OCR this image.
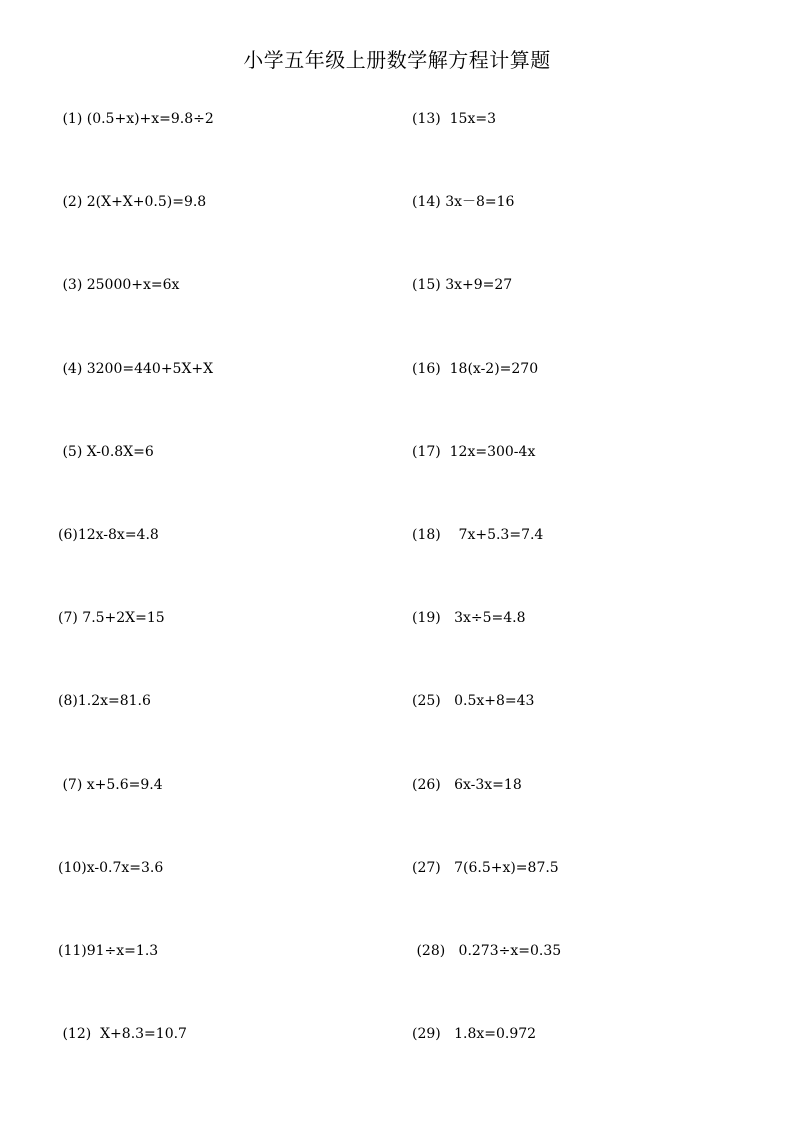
小学五年级上册数学解方程计算题
(1) (0.5+x)+x=9.8÷2
(2) 2(X+X+0.5)=9.8
(3) 25000+x=6x
(4) 3200=440+5X+X
(5) X-0.8X=6
(6)12x-8x=4.8
(7) 7.5+2X=15
(8)1.2x=81.6
(7) x+5.6=9.4
(10)x-0.7x=3.6
(11)91÷x=1.3
(12)  X+8.3=10.7
(13)  15x=3
(14) 3x－8=16
(15) 3x+9=27
(16)  18(x-2)=270
(17)  12x=300-4x
(18)    7x+5.3=7.4
(19)   3x÷5=4.8
(25)   0.5x+8=43
(26)   6x-3x=18
(27)   7(6.5+x)=87.5
(28)   0.273÷x=0.35
(29)   1.8x=0.972
